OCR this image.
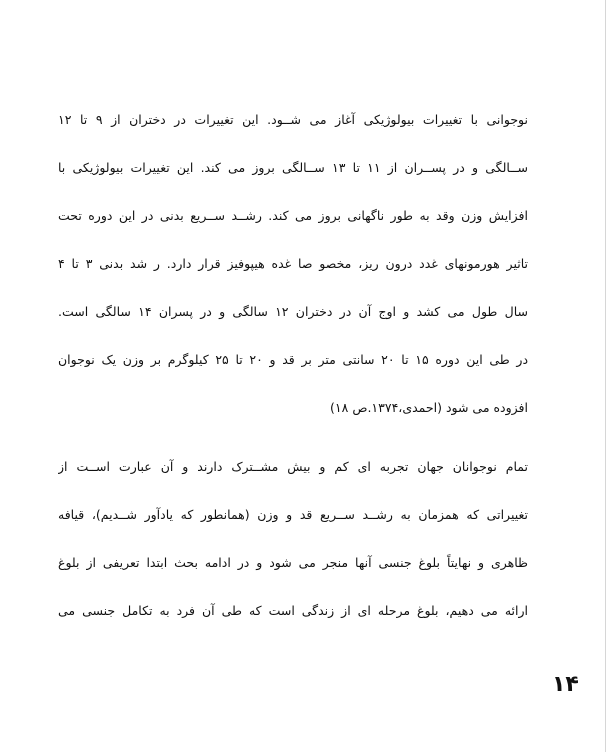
نوجوانی با تغییرات بیولوژیکی آغاز می شــود. این تغییرات در دختران از ۹ تا ۱۲
ســالگی و در پســران از ۱۱ تا ۱۳ ســالگی بروز می کند. این تغییرات بیولوژیکی با
افزایش وزن وقد به طور ناگهانی بروز می کند. رشــد ســریع بدنی در این دوره تحت
تاثیر هورمونهای غدد درون ریز، مخصو صا غده هیپوفیز قرار دارد. ر شد بدنی ۳ تا ۴
سال طول می کشد و اوج آن در دختران ۱۲ سالگی و در پسران ۱۴ سالگی است.
در طی این دوره ۱۵ تا ۲۰ سانتی متر بر قد و ۲۰ تا ۲۵ کیلوگرم بر وزن یک نوجوان
افزوده می شود (احمدی،۱۳۷۴.ص ۱۸)
تمام نوجوانان جهان تجربه ای کم و بیش مشــترک دارند و آن عبارت اســت از
تغییراتی که همزمان به رشــد ســریع قد و وزن (همانطور که یادآور شــدیم)، قیافه
ظاهری و نهایتاً بلوغ جنسی آنها منجر می شود و در ادامه بحث ابتدا تعریفی از بلوغ
ارائه می دهیم، بلوغ مرحله ای از زندگی است که طی آن فرد به تکامل جنسی می
۱۴
